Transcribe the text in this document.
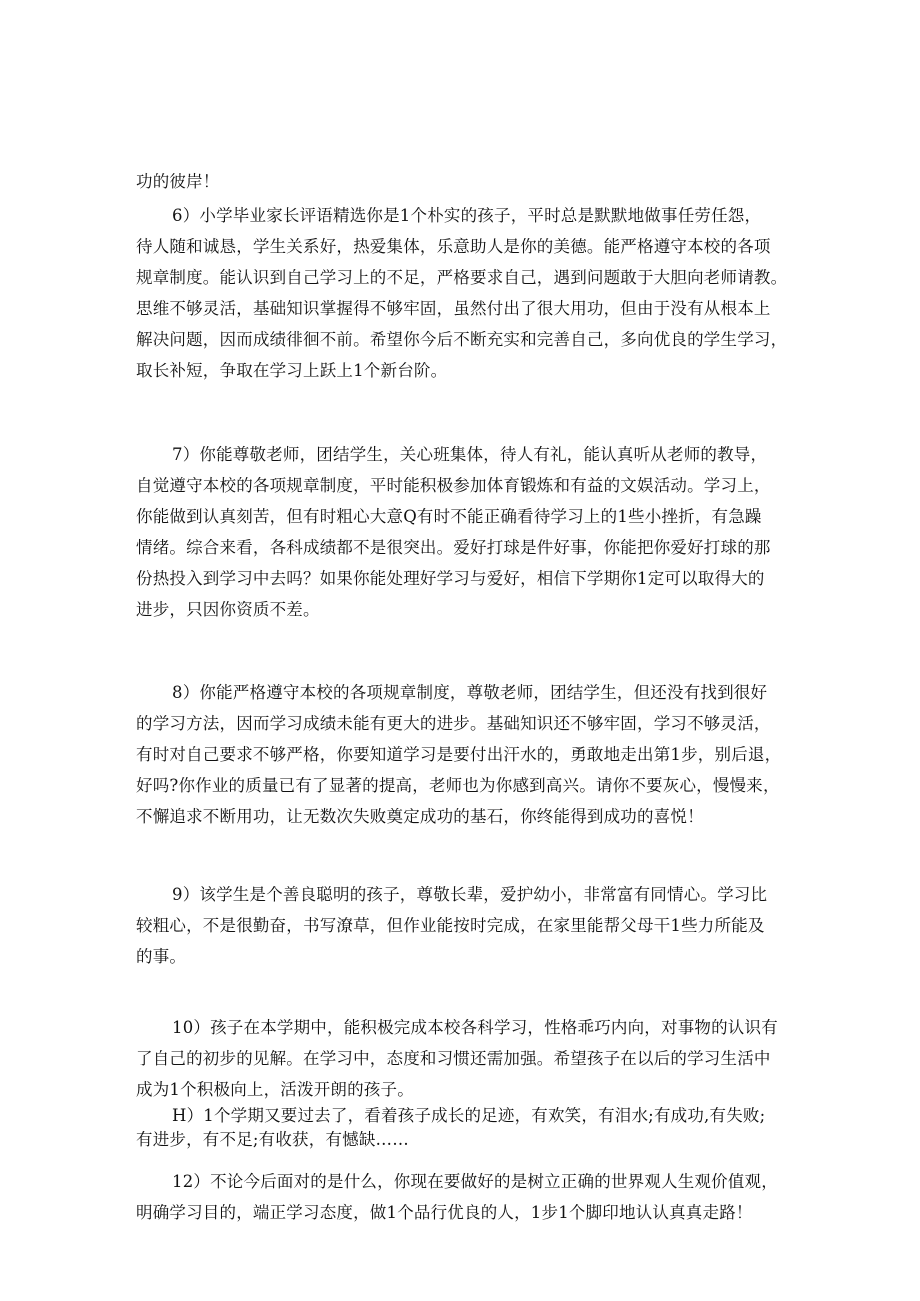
功的彼岸！
6）小学毕业家长评语精选你是1个朴实的孩子，平时总是默默地做事任劳任怨，
待人随和诚恳，学生关系好，热爱集体，乐意助人是你的美德。能严格遵守本校的各项
规章制度。能认识到自己学习上的不足，严格要求自己，遇到问题敢于大胆向老师请教。
思维不够灵活，基础知识掌握得不够牢固，虽然付出了很大用功，但由于没有从根本上
解决问题，因而成绩徘徊不前。希望你今后不断充实和完善自己，多向优良的学生学习，
取长补短，争取在学习上跃上1个新台阶。
7）你能尊敬老师，团结学生，关心班集体，待人有礼，能认真听从老师的教导，
自觉遵守本校的各项规章制度，平时能积极参加体育锻炼和有益的文娱活动。学习上，
你能做到认真刻苦，但有时粗心大意Q有时不能正确看待学习上的1些小挫折，有急躁
情绪。综合来看，各科成绩都不是很突出。爱好打球是件好事，你能把你爱好打球的那
份热投入到学习中去吗？如果你能处理好学习与爱好，相信下学期你1定可以取得大的
进步，只因你资质不差。
8）你能严格遵守本校的各项规章制度，尊敬老师，团结学生，但还没有找到很好
的学习方法，因而学习成绩未能有更大的进步。基础知识还不够牢固，学习不够灵活，
有时对自己要求不够严格，你要知道学习是要付出汗水的，勇敢地走出第1步，别后退，
好吗?你作业的质量已有了显著的提高，老师也为你感到高兴。请你不要灰心，慢慢来，
不懈追求不断用功，让无数次失败奠定成功的基石，你终能得到成功的喜悦！
9）该学生是个善良聪明的孩子，尊敬长辈，爱护幼小，非常富有同情心。学习比
较粗心，不是很勤奋，书写潦草，但作业能按时完成，在家里能帮父母干1些力所能及
的事。
10）孩子在本学期中，能积极完成本校各科学习，性格乖巧内向，对事物的认识有
了自己的初步的见解。在学习中，态度和习惯还需加强。希望孩子在以后的学习生活中
成为1个积极向上，活泼开朗的孩子。
H）1个学期又要过去了，看着孩子成长的足迹，有欢笑，有泪水;有成功,有失败;
有进步，有不足;有收获，有憾缺……
12）不论今后面对的是什么，你现在要做好的是树立正确的世界观人生观价值观，
明确学习目的，端正学习态度，做1个品行优良的人，1步1个脚印地认认真真走路！
